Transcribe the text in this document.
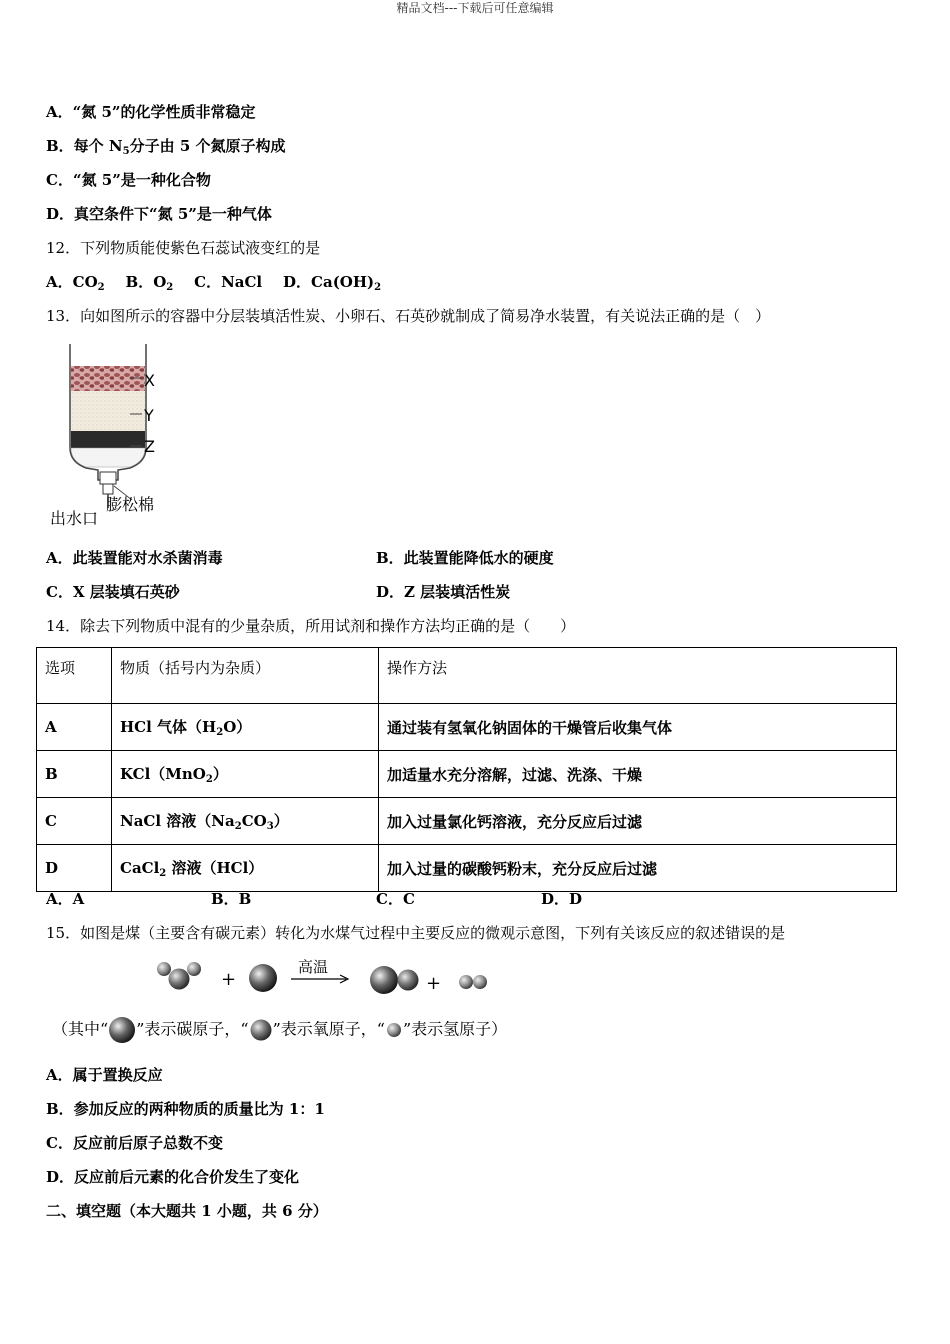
精品文档---下载后可任意编辑
A．“氮 5”的化学性质非常稳定
B．每个 $N_5$分子由 5 个氮原子构成
C．“氮 5”是一种化合物
D．真空条件下“氮 5”是一种气体
12．下列物质能使紫色石蕊试液变红的是
A．$CO_2$ B．$O_2$ C．NaCl D．$Ca(OH)_2$
13．向如图所示的容器中分层装填活性炭、小卵石、石英砂就制成了简易净水装置，有关说法正确的是（　）
X
Y
Z
膨松棉
出水口
A．此装置能对水杀菌消毒	B．此装置能降低水的硬度
C．X 层装填石英砂	D．Z 层装填活性炭
14．除去下列物质中混有的少量杂质，所用试剂和操作方法均正确的是（　　）
选项	物质（括号内为杂质）	操作方法
A	HCl 气体$(H_2O)$	通过装有氢氧化钠固体的干燥管后收集气体
B	KCl（MnO$_2$）	加适量水充分溶解，过滤、洗涤、干燥
C	NaCl 溶液$(Na_2CO_3)$	加入过量氯化钙溶液，充分反应后过滤
D	CaCl$_2$ 溶液（HCl）	加入过量的碳酸钙粉末，充分反应后过滤
A．A	B．B	C．C	D．D
15．如图是煤（主要含有碳元素）转化为水煤气过程中主要反应的微观示意图，下列有关该反应的叙述错误的是
+
高温
+
（其中“ ”表示碳原子，“ ”表示氧原子，“ ”表示氢原子）
A．属于置换反应
B．参加反应的两种物质的质量比为 1：1
C．反应前后原子总数不变
D．反应前后元素的化合价发生了变化
二、填空题（本大题共 1 小题，共 6 分）
